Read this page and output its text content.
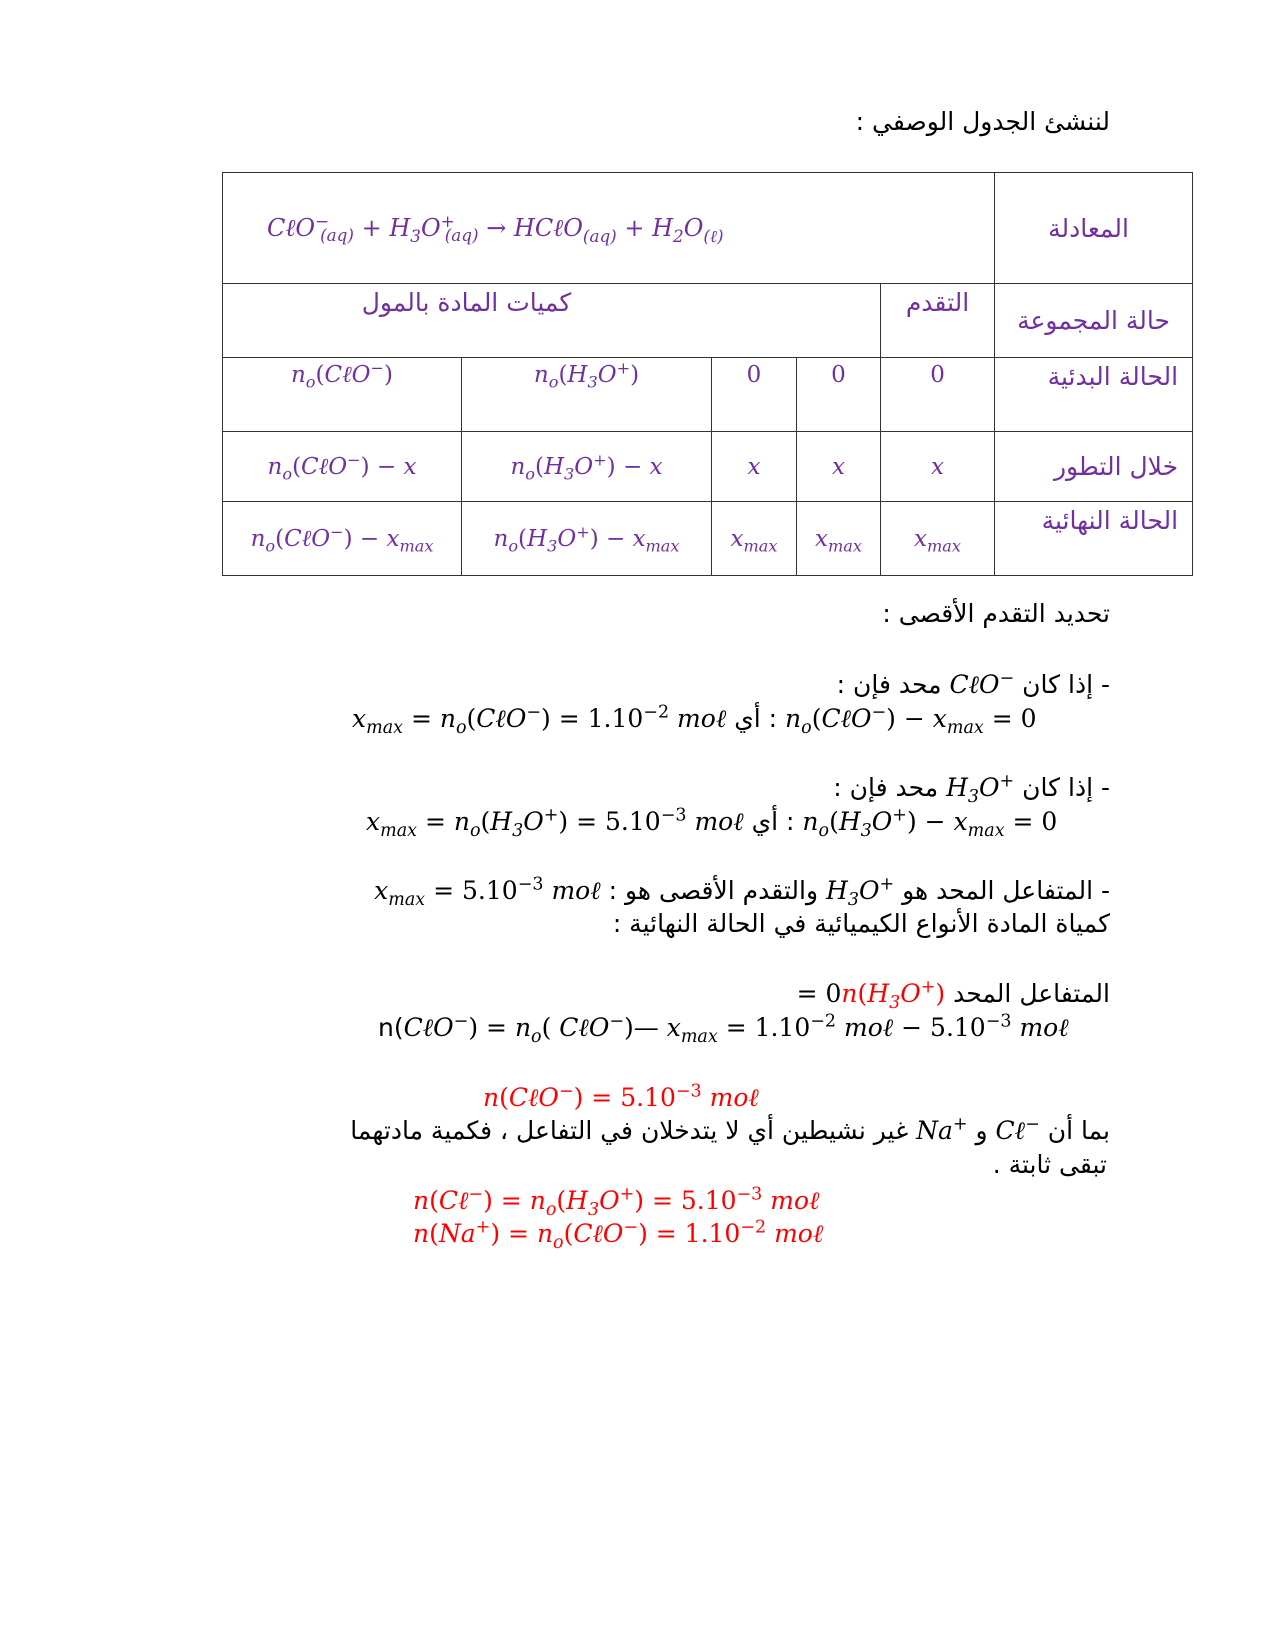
لننشئ الجدول الوصفي :
CℓO−$_{(aq)}$ + $H_3O^+_{(aq)}$ → HCℓO$_{(aq)}$ + $H_2O_{(\ell)}$					المعادلة
كميات المادة بالمول				التقدم	حالة المجموعة
$n_o(C\ell O^-)$	$n_o(H_3O^+)$	0	0	0	الحالة البدئية
$n_o(C\ell O^-) - x$	$n_o(H_3O^+) - x$	x	x	x	خلال التطور
$n_o(C\ell O^-) - x_{max}$	$n_o(H_3O^+) - x_{max}$	$x_{max}$	$x_{max}$	$x_{max}$	الحالة النهائية
تحديد التقدم الأقصى :
- إذا كان CℓO− محد فإن :
$x_{max}$ = $n_o(C\ell O^-) = 1.10^{-2}$ moℓ أي : $n_o(C\ell O^-) - x_{max} = 0$
- إذا كان $H_3O^+$ محد فإن :
$x_{max} = n_o(H_3O^+) = 5.10^{-3}$ moℓ أي : $n_o(H_3O^+) - x_{max} = 0$
- المتفاعل المحد هو $H_3O^+$ والتقدم الأقصى هو : $x_{max} = 5.10^{-3}$ moℓ
كمياة المادة الأنواع الكيميائية في الحالة النهائية :
المتفاعل المحد $n(H_3O^+) = 0$
n(CℓO−) = $n_o$( CℓO−)— $x_{max} = 1.10^{-2}$ moℓ − $5.10^{-3}$ moℓ
n(CℓO−) = $5.10^{-3}$ moℓ
بما أن Cℓ− و Na+ غير نشيطين أي لا يتدخلان في التفاعل ، فكمية مادتهما
تبقى ثابتة .
n(Cℓ−) = $n_o(H_3O^+) = 5.10^{-3}$ moℓ
$n(Na^+) = n_o(C\ell O^-) = 1.10^{-2}$ moℓ
